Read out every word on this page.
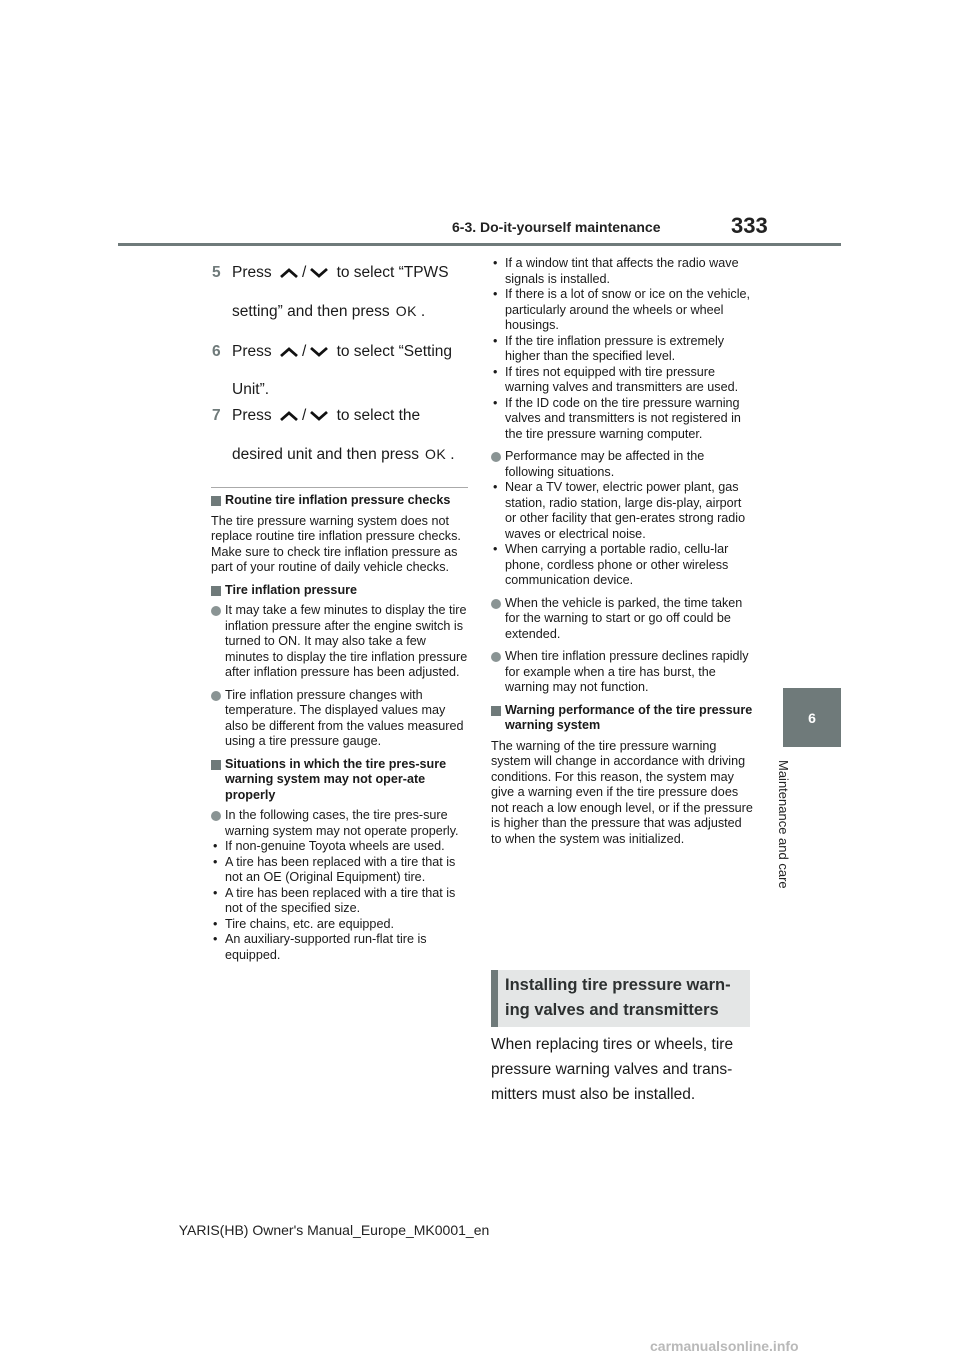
6-3. Do-it-yourself maintenance	333
6
Maintenance and care
5 Press / to select “TPWS
setting” and then press OK .
6 Press / to select “Setting
Unit”.
7 Press / to select the
desired unit and then press OK .

Routine tire inflation pressure checks

The tire pressure warning system does not replace routine tire inflation pressure checks. Make sure to check tire inflation pressure as part of your routine of daily vehicle checks.

Tire inflation pressure

It may take a few minutes to display the tire inflation pressure after the engine switch is turned to ON. It may also take a few minutes to display the tire inflation pressure after inflation pressure has been adjusted.

Tire inflation pressure changes with temperature. The displayed values may also be different from the values measured using a tire pressure gauge.

Situations in which the tire pres-sure warning system may not oper-ate properly

In the following cases, the tire pres-sure warning system may not operate properly.

• If non-genuine Toyota wheels are used.
• A tire has been replaced with a tire that is not an OE (Original Equipment) tire.
• A tire has been replaced with a tire that is not of the specified size.
• Tire chains, etc. are equipped.
• An auxiliary-supported run-flat tire is equipped.
• If a window tint that affects the radio wave signals is installed.
• If there is a lot of snow or ice on the vehicle, particularly around the wheels or wheel housings.
• If the tire inflation pressure is extremely higher than the specified level.
• If tires not equipped with tire pressure warning valves and transmitters are used.
• If the ID code on the tire pressure warning valves and transmitters is not registered in the tire pressure warning computer.

Performance may be affected in the following situations.

• Near a TV tower, electric power plant, gas station, radio station, large dis-play, airport or other facility that gen-erates strong radio waves or electrical noise.
• When carrying a portable radio, cellu-lar phone, cordless phone or other wireless communication device.

When the vehicle is parked, the time taken for the warning to start or go off could be extended.

When tire inflation pressure declines rapidly for example when a tire has burst, the warning may not function.

Warning performance of the tire pressure warning system

The warning of the tire pressure warning system will change in accordance with driving conditions. For this reason, the system may give a warning even if the tire pressure does not reach a low enough level, or if the pressure is higher than the pressure that was adjusted to when the system was initialized.

Installing tire pressure warn-ing valves and transmitters
When replacing tires or wheels, tire pressure warning valves and trans-mitters must also be installed.
YARIS(HB) Owner's Manual_Europe_MK0001_en
carmanualsonline.info
